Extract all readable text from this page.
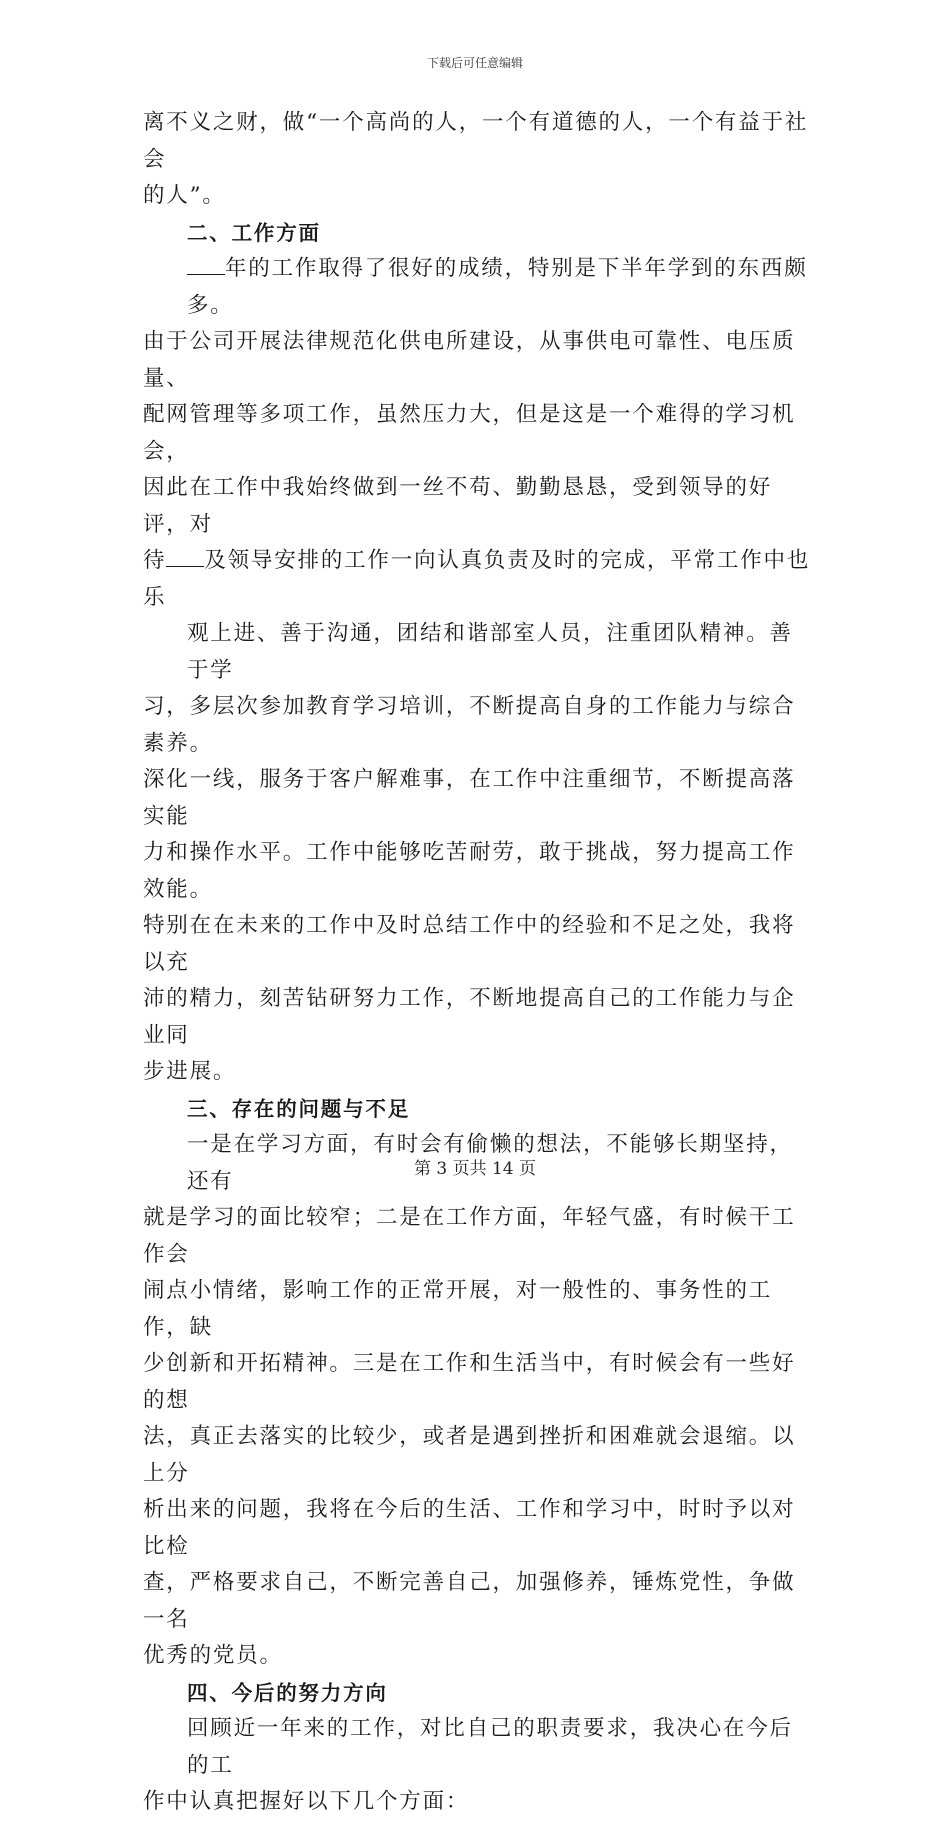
下载后可任意编辑

离不义之财，做“一个高尚的人，一个有道德的人，一个有益于社会

的人”。

二、工作方面

年的工作取得了很好的成绩，特别是下半年学到的东西颇多。

由于公司开展法律规范化供电所建设，从事供电可靠性、电压质量、

配网管理等多项工作，虽然压力大，但是这是一个难得的学习机会，

因此在工作中我始终做到一丝不苟、勤勤恳恳，受到领导的好评，对

待 及领导安排的工作一向认真负责及时的完成，平常工作中也乐

观上进、善于沟通，团结和谐部室人员，注重团队精神。善于学

习，多层次参加教育学习培训，不断提高自身的工作能力与综合素养。

深化一线，服务于客户解难事，在工作中注重细节，不断提高落实能

力和操作水平。工作中能够吃苦耐劳，敢于挑战，努力提高工作效能。

特别在在未来的工作中及时总结工作中的经验和不足之处，我将以充

沛的精力，刻苦钻研努力工作，不断地提高自己的工作能力与企业同

步进展。

三、存在的问题与不足

一是在学习方面，有时会有偷懒的想法，不能够长期坚持，还有

就是学习的面比较窄；二是在工作方面，年轻气盛，有时候干工作会

闹点小情绪，影响工作的正常开展，对一般性的、事务性的工作，缺

少创新和开拓精神。三是在工作和生活当中，有时候会有一些好的想

法，真正去落实的比较少，或者是遇到挫折和困难就会退缩。以上分

析出来的问题，我将在今后的生活、工作和学习中，时时予以对比检

查，严格要求自己，不断完善自己，加强修养，锤炼党性，争做一名

优秀的党员。

四、今后的努力方向

回顾近一年来的工作，对比自己的职责要求，我决心在今后的工

作中认真把握好以下几个方面：

第 3 页共 14 页
